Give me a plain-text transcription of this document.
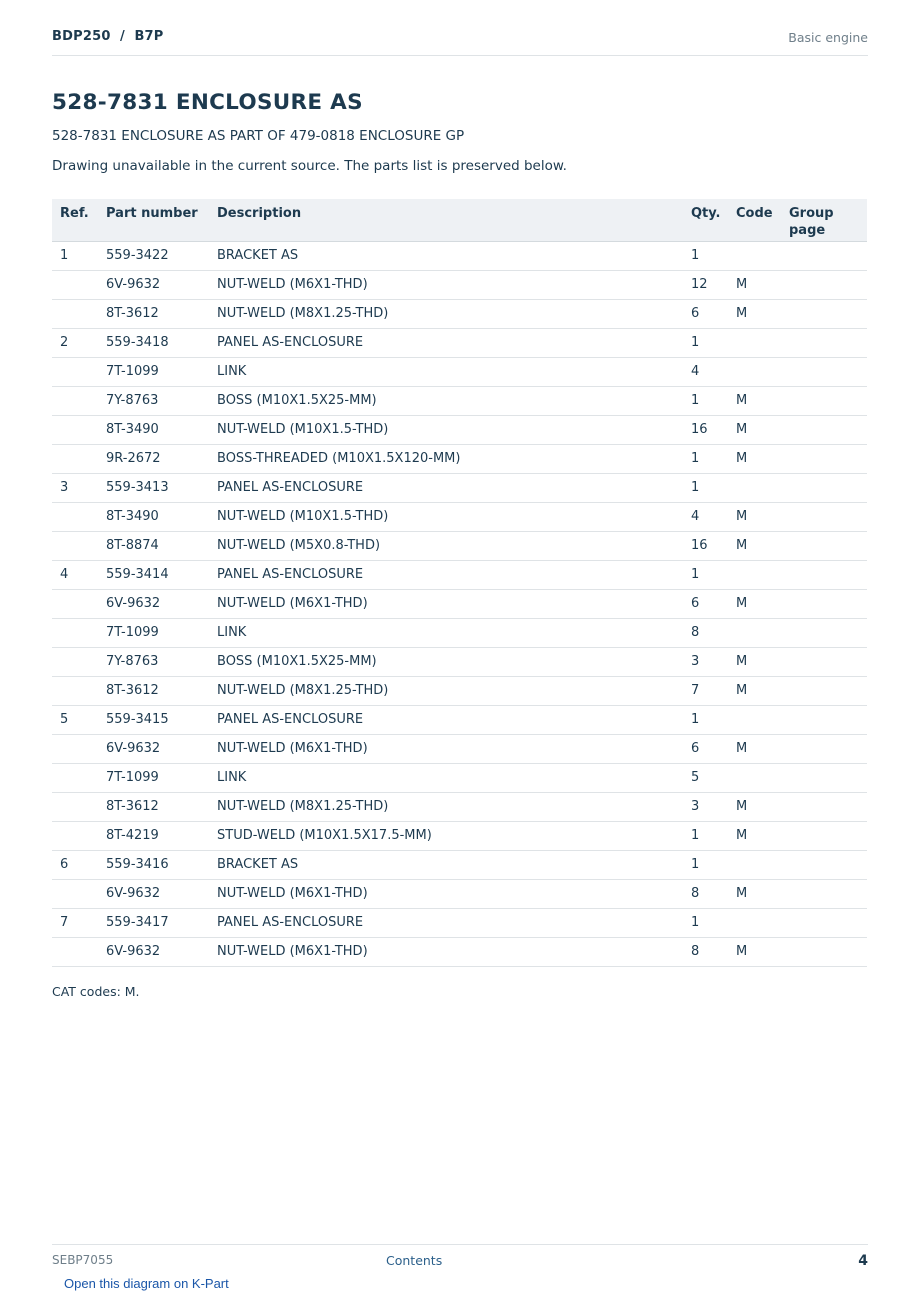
BDP250 / B7P	Basic engine
528-7831 ENCLOSURE AS
528-7831 ENCLOSURE AS PART OF 479-0818 ENCLOSURE GP
Drawing unavailable in the current source. The parts list is preserved below.
Ref.	Part number	Description	Qty.	Code	Group page
1	559-3422	BRACKET AS	1		
	6V-9632	NUT-WELD (M6X1-THD)	12	M	
	8T-3612	NUT-WELD (M8X1.25-THD)	6	M	
2	559-3418	PANEL AS-ENCLOSURE	1		
	7T-1099	LINK	4		
	7Y-8763	BOSS (M10X1.5X25-MM)	1	M	
	8T-3490	NUT-WELD (M10X1.5-THD)	16	M	
	9R-2672	BOSS-THREADED (M10X1.5X120-MM)	1	M	
3	559-3413	PANEL AS-ENCLOSURE	1		
	8T-3490	NUT-WELD (M10X1.5-THD)	4	M	
	8T-8874	NUT-WELD (M5X0.8-THD)	16	M	
4	559-3414	PANEL AS-ENCLOSURE	1		
	6V-9632	NUT-WELD (M6X1-THD)	6	M	
	7T-1099	LINK	8		
	7Y-8763	BOSS (M10X1.5X25-MM)	3	M	
	8T-3612	NUT-WELD (M8X1.25-THD)	7	M	
5	559-3415	PANEL AS-ENCLOSURE	1		
	6V-9632	NUT-WELD (M6X1-THD)	6	M	
	7T-1099	LINK	5		
	8T-3612	NUT-WELD (M8X1.25-THD)	3	M	
	8T-4219	STUD-WELD (M10X1.5X17.5-MM)	1	M	
6	559-3416	BRACKET AS	1		
	6V-9632	NUT-WELD (M6X1-THD)	8	M	
7	559-3417	PANEL AS-ENCLOSURE	1		
	6V-9632	NUT-WELD (M6X1-THD)	8	M	
CAT codes: M.
SEBP7055	Contents	4
Open this diagram on K-Part
